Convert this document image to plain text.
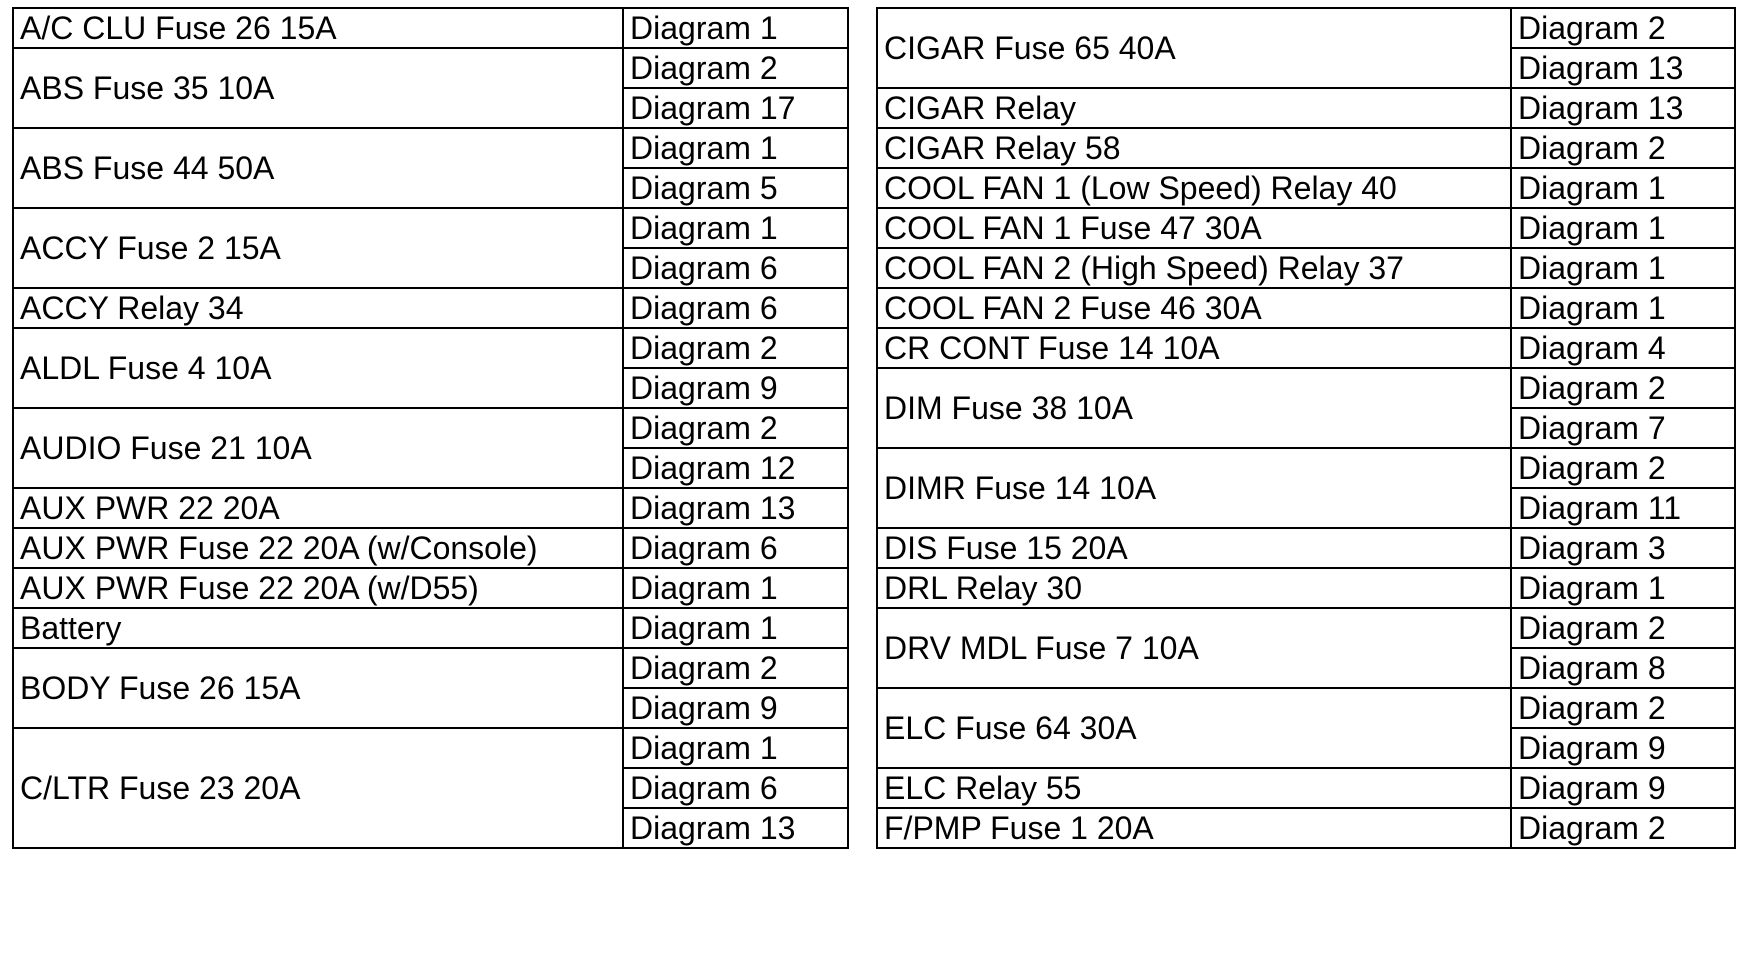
A/C CLU Fuse 26 15A	Diagram 1
ABS Fuse 35 10A	Diagram 2
	Diagram 17
ABS Fuse 44 50A	Diagram 1
	Diagram 5
ACCY Fuse 2 15A	Diagram 1
	Diagram 6
ACCY Relay 34	Diagram 6
ALDL Fuse 4 10A	Diagram 2
	Diagram 9
AUDIO Fuse 21 10A	Diagram 2
	Diagram 12
AUX PWR 22 20A	Diagram 13
AUX PWR Fuse 22 20A (w/Console)	Diagram 6
AUX PWR Fuse 22 20A (w/D55)	Diagram 1
Battery	Diagram 1
BODY Fuse 26 15A	Diagram 2
	Diagram 9
C/LTR Fuse 23 20A	Diagram 1
	Diagram 6
	Diagram 13
CIGAR Fuse 65 40A	Diagram 2
	Diagram 13
CIGAR Relay	Diagram 13
CIGAR Relay 58	Diagram 2
COOL FAN 1 (Low Speed) Relay 40	Diagram 1
COOL FAN 1 Fuse 47 30A	Diagram 1
COOL FAN 2 (High Speed) Relay 37	Diagram 1
COOL FAN 2 Fuse 46 30A	Diagram 1
CR CONT Fuse 14 10A	Diagram 4
DIM Fuse 38 10A	Diagram 2
	Diagram 7
DIMR Fuse 14 10A	Diagram 2
	Diagram 11
DIS Fuse 15 20A	Diagram 3
DRL Relay 30	Diagram 1
DRV MDL Fuse 7 10A	Diagram 2
	Diagram 8
ELC Fuse 64 30A	Diagram 2
	Diagram 9
ELC Relay 55	Diagram 9
F/PMP Fuse 1 20A	Diagram 2
